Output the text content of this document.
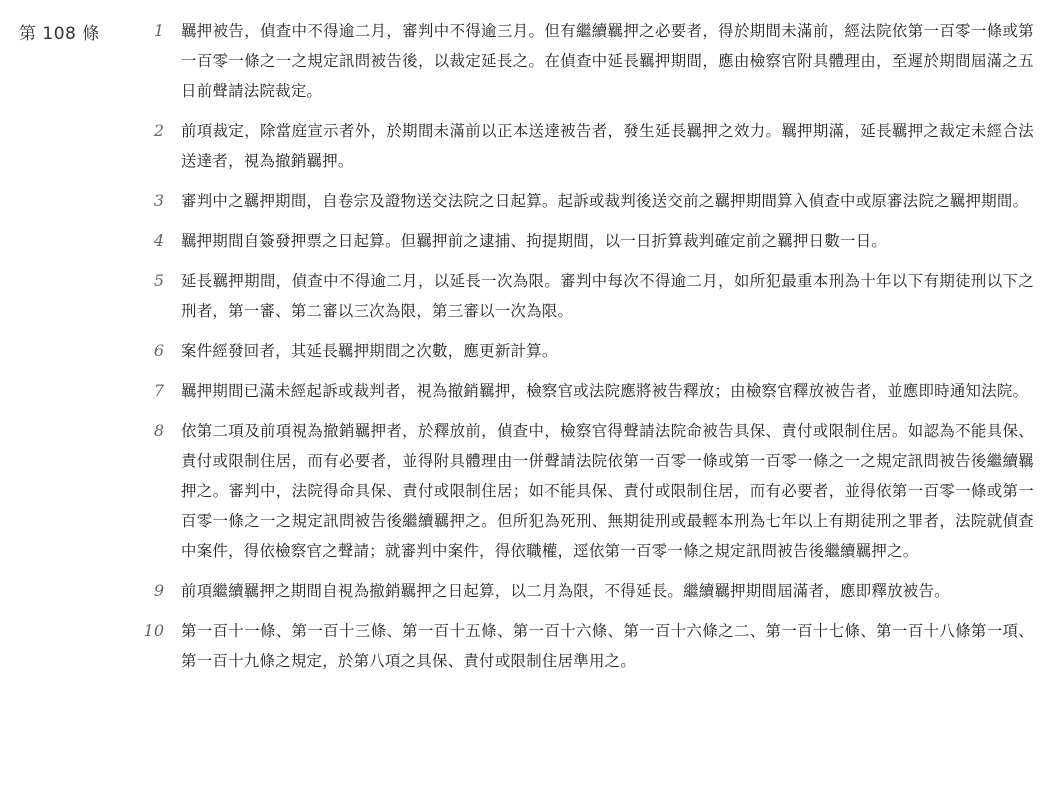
第 108 條	1 羈押被告，偵查中不得逾二月，審判中不得逾三月。但有繼續羈押之必要者，得於期間未滿前，經法院依第一百零一條或第一百零一條之一之規定訊問被告後，以裁定延長之。在偵查中延長羈押期間，應由檢察官附具體理由，至遲於期間屆滿之五日前聲請法院裁定。
2 前項裁定，除當庭宣示者外，於期間未滿前以正本送達被告者，發生延長羈押之效力。羈押期滿，延長羈押之裁定未經合法送達者，視為撤銷羈押。
3 審判中之羈押期間，自卷宗及證物送交法院之日起算。起訴或裁判後送交前之羈押期間算入偵查中或原審法院之羈押期間。
4 羈押期間自簽發押票之日起算。但羈押前之逮捕、拘提期間，以一日折算裁判確定前之羈押日數一日。
5 延長羈押期間，偵查中不得逾二月，以延長一次為限。審判中每次不得逾二月，如所犯最重本刑為十年以下有期徒刑以下之刑者，第一審、第二審以三次為限，第三審以一次為限。
6 案件經發回者，其延長羈押期間之次數，應更新計算。
7 羈押期間已滿未經起訴或裁判者，視為撤銷羈押，檢察官或法院應將被告釋放；由檢察官釋放被告者，並應即時通知法院。
8 依第二項及前項視為撤銷羈押者，於釋放前，偵查中，檢察官得聲請法院命被告具保、責付或限制住居。如認為不能具保、責付或限制住居，而有必要者，並得附具體理由一併聲請法院依第一百零一條或第一百零一條之一之規定訊問被告後繼續羈押之。審判中，法院得命具保、責付或限制住居；如不能具保、責付或限制住居，而有必要者，並得依第一百零一條或第一百零一條之一之規定訊問被告後繼續羈押之。但所犯為死刑、無期徒刑或最輕本刑為七年以上有期徒刑之罪者，法院就偵查中案件，得依檢察官之聲請；就審判中案件，得依職權，逕依第一百零一條之規定訊問被告後繼續羈押之。
9 前項繼續羈押之期間自視為撤銷羈押之日起算，以二月為限，不得延長。繼續羈押期間屆滿者，應即釋放被告。
10 第一百十一條、第一百十三條、第一百十五條、第一百十六條、第一百十六條之二、第一百十七條、第一百十八條第一項、第一百十九條之規定，於第八項之具保、責付或限制住居準用之。
